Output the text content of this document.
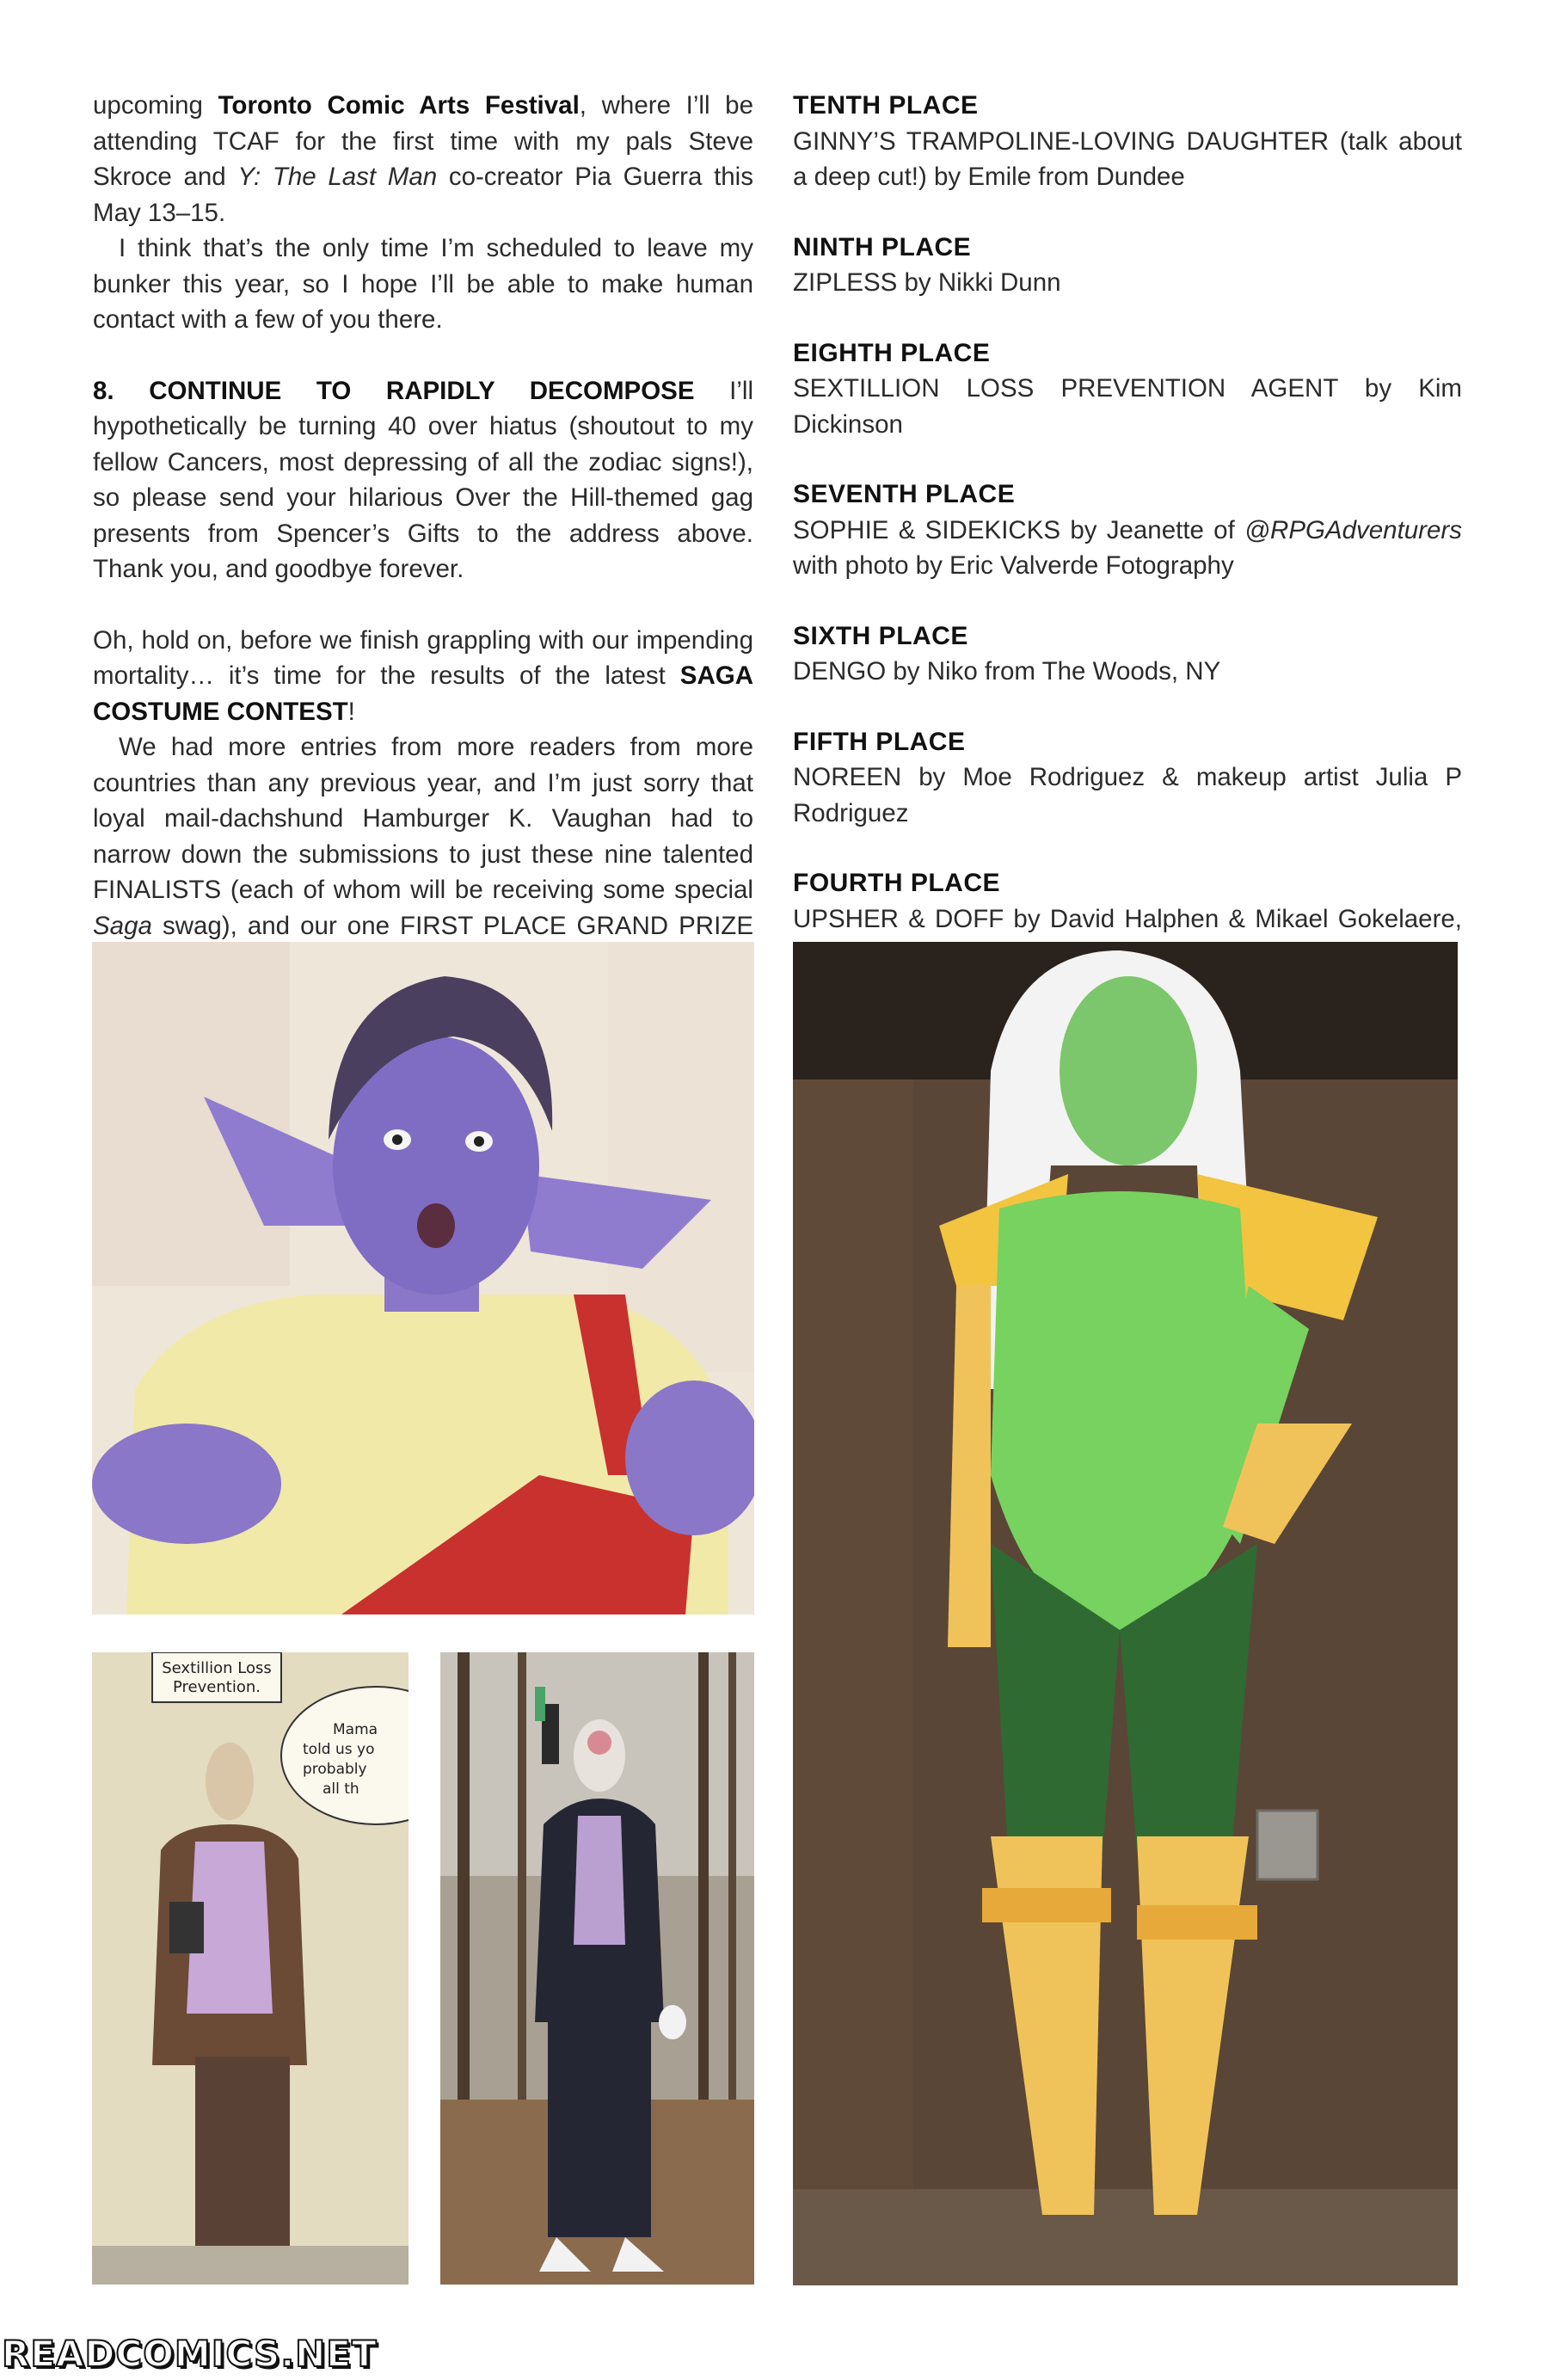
upcoming Toronto Comic Arts Festival, where I’ll be attending TCAF for the first time with my pals Steve Skroce and Y: The Last Man co-creator Pia Guerra this May 13–15.

I think that’s the only time I’m scheduled to leave my bunker this year, so I hope I’ll be able to make human contact with a few of you there.

8. CONTINUE TO RAPIDLY DECOMPOSE I’ll hypothetically be turning 40 over hiatus (shoutout to my fellow Cancers, most depressing of all the zodiac signs!), so please send your hilarious Over the Hill-themed gag presents from Spencer’s Gifts to the address above. Thank you, and goodbye forever.

Oh, hold on, before we finish grappling with our impending mortality… it’s time for the results of the latest SAGA COSTUME CONTEST!

We had more entries from more readers from more countries than any previous year, and I’m just sorry that loyal mail-dachshund Hamburger K. Vaughan had to narrow down the submissions to just these nine talented FINALISTS (each of whom will be receiving some special Saga swag), and our one FIRST PLACE GRAND PRIZE

TENTH PLACE
GINNY’S TRAMPOLINE-LOVING DAUGHTER (talk about a deep cut!) by Emile from Dundee
NINTH PLACE
ZIPLESS by Nikki Dunn
EIGHTH PLACE
SEXTILLION LOSS PREVENTION AGENT by Kim Dickinson
SEVENTH PLACE
SOPHIE & SIDEKICKS by Jeanette of @RPGAdventurers with photo by Eric Valverde Fotography
SIXTH PLACE
DENGO by Niko from The Woods, NY
FIFTH PLACE
NOREEN by Moe Rodriguez & makeup artist Julia P Rodriguez
FOURTH PLACE
UPSHER & DOFF by David Halphen & Mikael Gokelaere,
Sextillion Loss
Prevention.
Mama
told us yo
probably
all th
READCOMICS.NET
